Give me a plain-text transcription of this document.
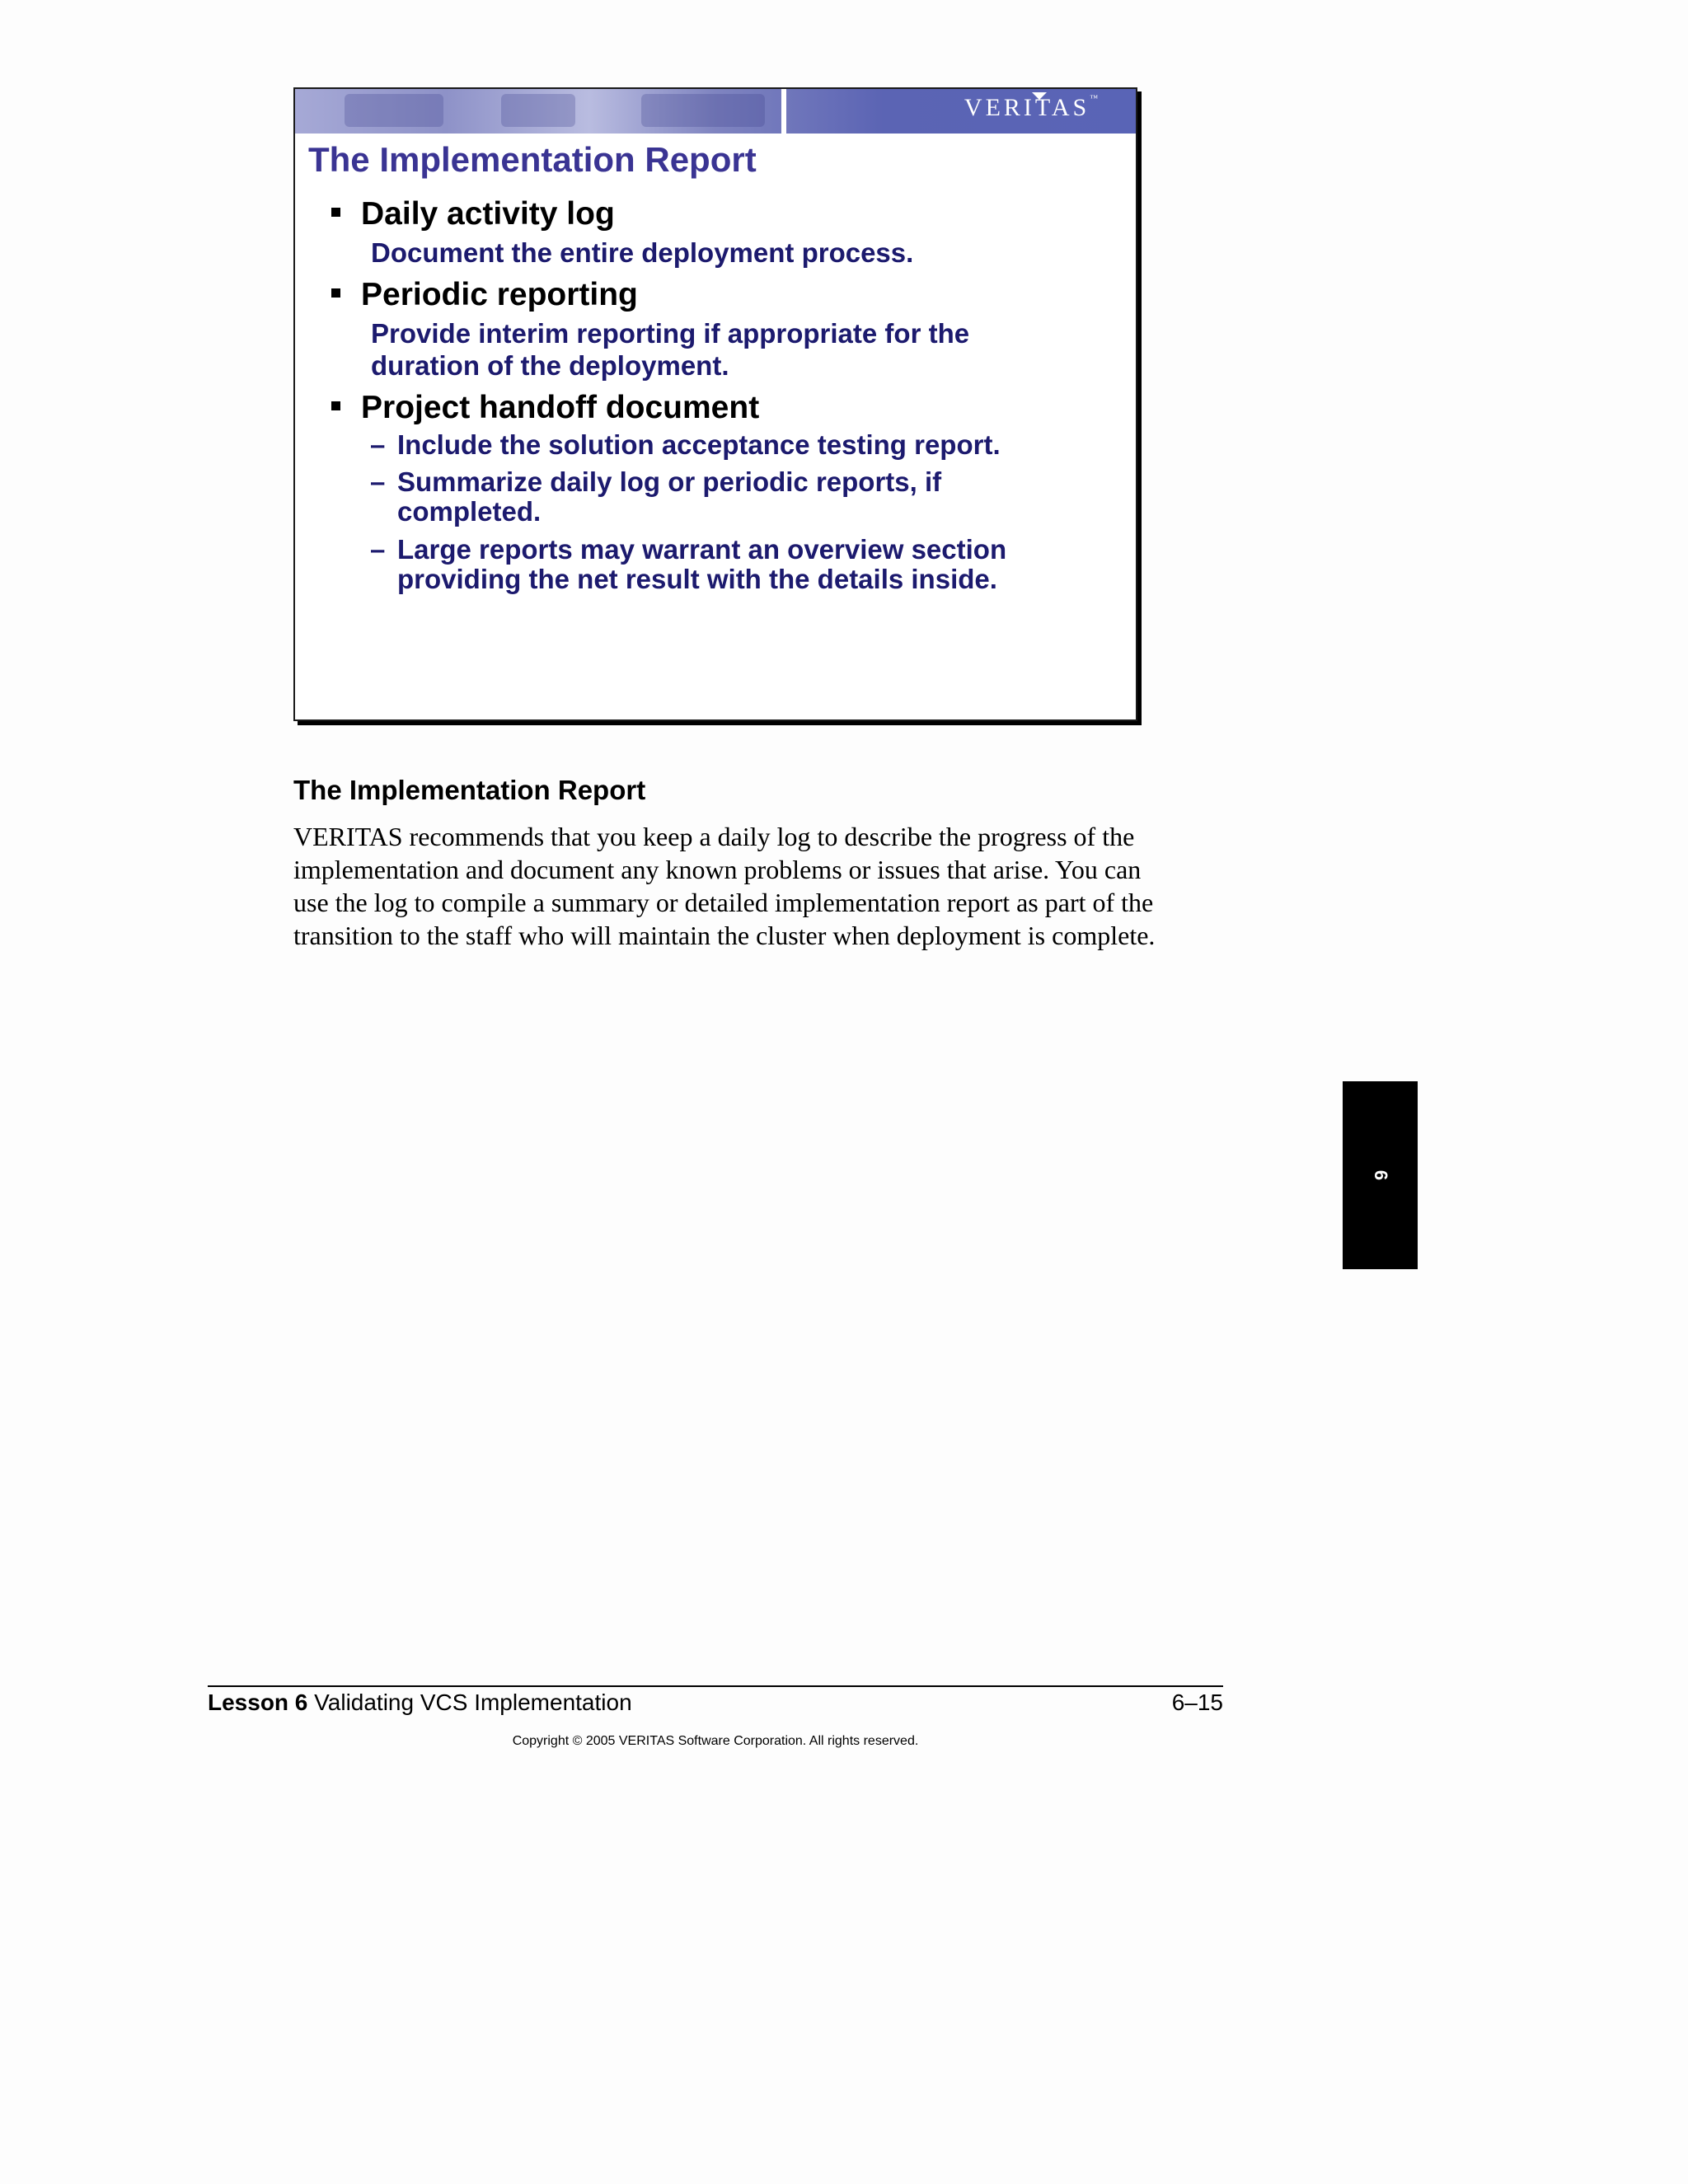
VERITAS™
The Implementation Report
Daily activity log
Document the entire deployment process.
Periodic reporting
Provide interim reporting if appropriate for the
duration of the deployment.
Project handoff document
– Include the solution acceptance testing report.
– Summarize daily log or periodic reports, if
completed.
– Large reports may warrant an overview section
providing the net result with the details inside.
The Implementation Report
VERITAS recommends that you keep a daily log to describe the progress of the
implementation and document any known problems or issues that arise. You can
use the log to compile a summary or detailed implementation report as part of the
transition to the staff who will maintain the cluster when deployment is complete.
6
Lesson 6 Validating VCS Implementation	6–15
Copyright © 2005 VERITAS Software Corporation. All rights reserved.
